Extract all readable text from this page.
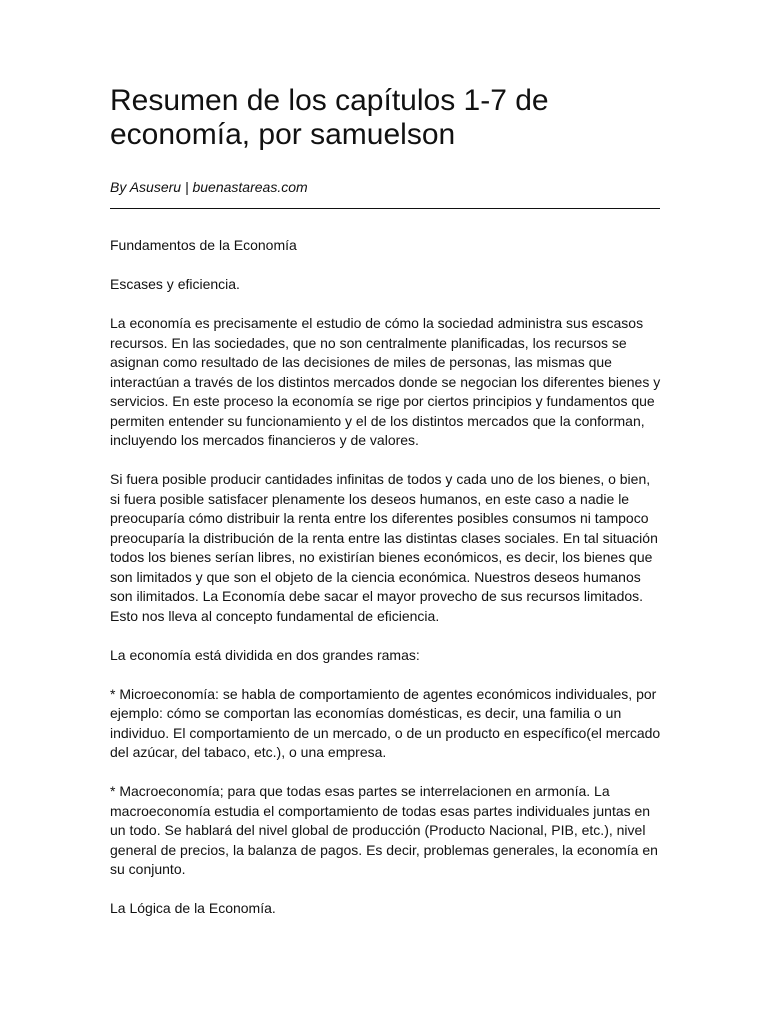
Resumen de los capítulos 1-7 de economía, por samuelson
By Asuseru | buenastareas.com

Fundamentos de la Economía

Escases y eficiencia.

La economía es precisamente el estudio de cómo la sociedad administra sus escasos recursos. En las sociedades, que no son centralmente planificadas, los recursos se asignan como resultado de las decisiones de miles de personas, las mismas que interactúan a través de los distintos mercados donde se negocian los diferentes bienes y servicios. En este proceso la economía se rige por ciertos principios y fundamentos que permiten entender su funcionamiento y el de los distintos mercados que la conforman, incluyendo los mercados financieros y de valores.

Si fuera posible producir cantidades infinitas de todos y cada uno de los bienes, o bien, si fuera posible satisfacer plenamente los deseos humanos, en este caso a nadie le preocuparía cómo distribuir la renta entre los diferentes posibles consumos ni tampoco preocuparía la distribución de la renta entre las distintas clases sociales. En tal situación todos los bienes serían libres, no existirían bienes económicos, es decir, los bienes que son limitados y que son el objeto de la ciencia económica. Nuestros deseos humanos son ilimitados. La Economía debe sacar el mayor provecho de sus recursos limitados. Esto nos lleva al concepto fundamental de eficiencia.

La economía está dividida en dos grandes ramas:

* Microeconomía: se habla de comportamiento de agentes económicos individuales, por ejemplo: cómo se comportan las economías domésticas, es decir, una familia o un individuo. El comportamiento de un mercado, o de un producto en específico(el mercado del azúcar, del tabaco, etc.), o una empresa.

* Macroeconomía; para que todas esas partes se interrelacionen en armonía. La macroeconomía estudia el comportamiento de todas esas partes individuales juntas en un todo. Se hablará del nivel global de producción (Producto Nacional, PIB, etc.), nivel general de precios, la balanza de pagos. Es decir, problemas generales, la economía en su conjunto.

La Lógica de la Economía.
